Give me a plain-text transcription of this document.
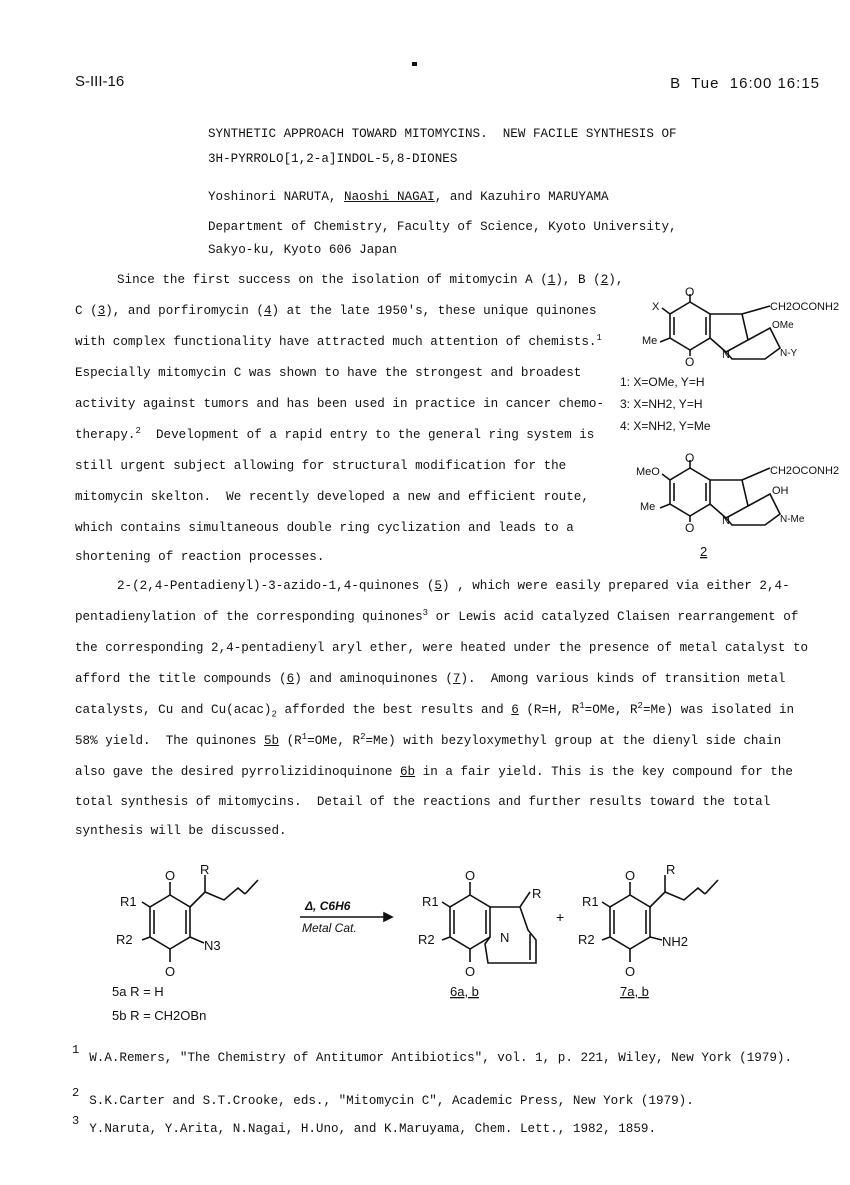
S-III-16	B  Tue  16:00 16:15
SYNTHETIC APPROACH TOWARD MITOMYCINS.  NEW FACILE SYNTHESIS OF
3H-PYRROLO[1,2-a]INDOL-5,8-DIONES
Yoshinori NARUTA, Naoshi NAGAI, and Kazuhiro MARUYAMA
Department of Chemistry, Faculty of Science, Kyoto University,
Sakyo-ku, Kyoto 606 Japan
Since the first success on the isolation of mitomycin A (1), B (2),
C (3), and porfiromycin (4) at the late 1950's, these unique quinones
with complex functionality have attracted much attention of chemists.$^1$
Especially mitomycin C was shown to have the strongest and broadest
activity against tumors and has been used in practice in cancer chemo-
therapy.$^2$  Development of a rapid entry to the general ring system is
still urgent subject allowing for structural modification for the
mitomycin skelton.  We recently developed a new and efficient route,
which contains simultaneous double ring cyclization and leads to a
shortening of reaction processes.
2-(2,4-Pentadienyl)-3-azido-1,4-quinones (5) , which were easily prepared via either 2,4-
pentadienylation of the corresponding quinones$^3$ or Lewis acid catalyzed Claisen rearrangement of
the corresponding 2,4-pentadienyl aryl ether, were heated under the presence of metal catalyst to
afford the title compounds (6) and aminoquinones (7).  Among various kinds of transition metal
catalysts, Cu and $Cu(acac)_2$ afforded the best results and 6 (R=H, $R^1=OMe$, $R^2=Me$) was isolated in
58% yield.  The quinones 5b ($R^1=OMe$, $R^2=Me$) with bezyloxymethyl group at the dienyl side chain
also gave the desired pyrrolizidinoquinone 6b in a fair yield. This is the key compound for the
total synthesis of mitomycins.  Detail of the reactions and further results toward the total
synthesis will be discussed.
O
O
X
Me
N
CH2OCONH2
OMe
N-Y
1: X=OMe, Y=H
3: X=NH2, Y=H
4: X=NH2, Y=Me
O
O
MeO
Me
N
CH2OCONH2
OH
N-Me
2
O
O
R
R1
R2	N3
Δ, C6H6
Metal Cat.
O
O
R
R1
R2	N
+
O
O
R
R1
R2	NH2
5a R = H
5b R = CH2OBn
6a, b	7a, b
$^1$W.A.Remers, "The Chemistry of Antitumor Antibiotics", vol. 1, p. 221, Wiley, New York (1979).
$^2$S.K.Carter and S.T.Crooke, eds., "Mitomycin C", Academic Press, New York (1979).
$^3$Y.Naruta, Y.Arita, N.Nagai, H.Uno, and K.Maruyama, Chem. Lett., 1982, 1859.
